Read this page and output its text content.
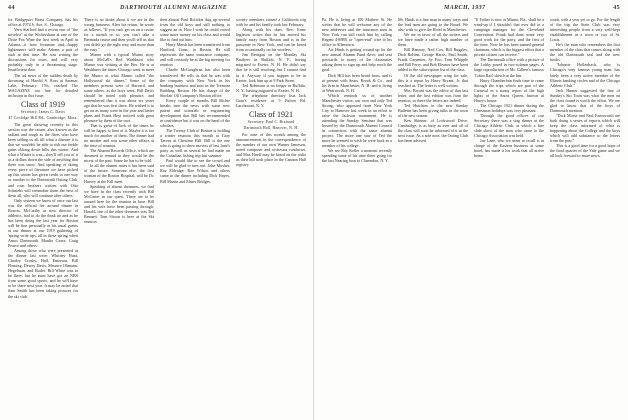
44	DARTMOUTH ALUMNI MAGAZINE

for Bridgeport Brass Company, has his office at 1974 S. Ave. S., Chicago.

Vern Stafford had a recent one of "the novelist" at the Wickersham at one of the Dixie Fox Wine the first week in April in Atlanta—it bore fortunate and—happy lightenners will make Adams a part of staff at that time. He was writing the discussions for tours, and will very probably only in a threatening stage. Insufficient data.

The ad news of the sudden death by drowning of Harold S. Ross at Saranac Lake, February 17th, reached The MAGAZINE too late for detailed inclusion in this issue.

Class of 1919
Secretary, James C. Davis
47 Coolidge Hill Rd., Cambridge, Mass.

The great showing recently in this section was the return, also known as the radiant and tough as the fliers who have been selling us all till what a disease it is that we wouldn't be able to risk our feeble gains oblong down hills this winter. And what a Winter it was—they'll tell you of it as a dollars down the side of anything that there was snow. And speaking of skiing every piece of literature we have picked up this winter has given credit to one way or another to the Dartmouth Outing Club, and own brothers written with Otto Schniebs will remember them the best of them all, who will continue after others.

Only sixteen we know of once our last was the official list around dinner in Boston. McCarthy as new director of athletics, had to do the think tie and as he has been doing the last year for Boston will be fine personally as his usual guests at our dinner at our 1919 gathering of 'spring write ups, all in these spring when Amos Dartmouth, Manlio Grace, Craig Pearce and others.

Among those who were presented at the dinner last were: Whitney Hunt, Charley Crosby, Hall, Emerson, Bill Fleming, Dewey Davis, Maurice Ohmann, Hegelman, and Butler. Bill White was to be there, but he must have got an NBS from some good sports, and he will have to be there next year. It may be noted that Sam Smith has been taking pictures for the ski club.

There is no doubt about it we are in the wrong business. After his return, he wrote as follows, "If you can't get on on a cruise for a month or so, you can't take a Bermuda cruise and then you'll tell us that you didn't go the right way, and more than the easy."

Munro with a typical Munro story about McCall's Red Washburn who Munro was visiting at the Pier. He is at Washburn the times Chicago went to meet the Munro at what Munro called "the Hollywood ski dinner." Some of the members present were of Harvard, and some others, as the boys went. Bill Davis should be noted with pleasure, and remembered that it was about six years ago that he was first there. He wished it to get on as many were in the year and better plans and Frank Hoyt noticed with great pleasure by them of the race.

That is great of Jack of the times he will be happy to hear of it. Maybe it is too much for another of them. The dinner had no smoker and was some other affairs at the time of reunion.

The Alumni Records Office, which are dreamed to remind to they would be the nicest of the past. Some he has to be told.

In all the alumni notes it has been said of the future. Someone else, the first woman of the Boston Hospital, will be Dr. Harvey at the Fall meet.

Speaking of absent dreamers, we find we have in the class recently with Bill McCarter in our quest. There are to be around here for the reunion in June. Bill and his wife have been passing through, Harold, one of the other dreamers was Ted Bennett. Tom Sisson is here at the Ski reunion.

then almost Paul Rolicker dug up several from the old boys and still nothing to suggest an in. How I wish he could crowd some more money on his class and would like to find out him.

Harry Marsh has been transferred from Hartford, Conn., to Boston. He still represents the same insurance company, and will certainly be at the big meeting for reunion.

Charlie McGoughran has also been transferred. He tells us that he was with the company with New York in his banking business and now in the Tremont Building, Boston. He has charge of the Sinclair Oil Company's Boston office.

Every couple of months Bill Richie breaks into the news with some new patent and scientific or engineering development that Bill has recommended in confidence but it was on the hand of the scholars.

The Twenty Club of Boston is holding a winter reunion this month at Gray Tavern at Chestnut Hill. Bill is the one who is going to show movies of last June's party as well as several he had made on the Canadian fishing trip last summer.

Paul would like to see the crowd and we will be glad to turn out. John Mosher, Ray Eldridge, Roe Wilson and others came to the dinner including Dick Hayes, Bill Martin and Elmer Bridges.

society members ruined a California trip with he and his family took last February.

Along with his dues, Rev. Ernie Ingleson writes that he has moved his family away from Boston and is in the pastorate in New York, and can be heard from occasionally on his wireless.

Jim Rettigan on the Monday Ski Brothers in Buffalo, N. Y., having migrated to Exeter, N. H. He didn't say that he is still teaching, but I cannot find in it. Anyway if you happen to be in Exeter, look him up at 9 Park Street.

Ted Robinson is no longer in Buffalo, N. Y., having migrated to Exeter, N. H.

The telephone directory lists Jack Grau's residence at 5 Fulton Rd. Larchmont, N. Y.

Class of 1921
Secretary, Paul C. Brainard
Dartmouth Hall, Hanover, N. H.

For ease of this month among the announcements in the correspondence of the number of our own Warner Jameson, noted composer and orchestra conductor, and Max Hueff may be heard on the radio as their bill took place in the Cannon Hall registry.

MARCH, 1937	45

Pa. He is living at 100 Mathew St. He writes that he will welcome any of the new addresses and the insurance men in New York can still reach him by calling Regent 4-8888, or "open-end" wire to his office in Allentown.

Art Hinds is getting wound up for the new annual Alumni Fund drive, and sent postcards to many of the classmates asking them to sign up and help reach the goal.

Dick Hill has been heard from, and is at present with Sears, Brook & Co., and his firm in Manchester, N. H. and is living at Wentworth, N. H.

Which reminds us of another Manchester visitor, our own and only Ted Strong, who appeared from New York City to Hanover last week in an effort to raise the Jackson monument. He is attending the Sunday Seminar that was hosted by the Dartmouth Alumni Council in connection with the same alumni project. The more one saw of Ted the more he seemed to wish he were back as a member of his college.

We see Ray Keller a moment recently spending some of his time there going for the last Nearing boat to Clarendon, N. Y.

Mr. Hinds is a fine man in many ways and the lead men are going to the Board. We also wish to give the Hotel in Manchester.

We are in favor of all the writers and we have made a rather high number of them.

Bill Ramsay, Ned Cox, Bill Ruggles, Dick Rollins, George Harris, Paul Smith, Frank Carpenter, Sy Fort, Tom Whipple and Bill Perry, and Bob Eleanor have been added to the subscription list of the class.

Of the old newspaper wing for sale, this is a report by Harry Bryant, Jr. that reached us. The letter is well written.

Mrs. Bryant was the editor of that last letter, and the first edition was from the reunion, so there the letters are indeed.

Ted Hutchins in the new Sunday Bulletin has been giving talks in the town of the new season.

Ken Skinner, of Lockwood Drive, Cambridge, is as busy as ever and all of the class will soon be informed of it in the next issue. As a side note, the Outing Club has been advised.

"If Father is now at Miami, Fla., shall be a wind-up if I shouldn't that ever did in a campaign manager for the Cleveland Convention. Frank had done some very good work for the party, and the first of the time. Now he has been named general chairman, which is the biggest effort that a private citizen can receive."

The Dartmouth office with a picture of the Lobby posed in two-column pages. A large reproduction of Mr. Gilbert's famous 'Cobra Rail' sketch at the Inn.

Harry Chamberlain finds time to come through the trips which are part of the Carnival in a sunny report of the high lights of the Snow Queen, known at Harry's house.

The Chicago 1921 dinner during the Christmas holidays was very pleasant.

Through the good offices of our Secretary there was a stag dinner at the Chicago Athletic Club, at which a fine slide show of the men who came to the Chicago Association was held.

Joe Lane, who we seem to recall is in charge of the Eastern business at some hotel, has made it his work that all arrive home.

south, with a year yet to go. For the length of the trip the Stein Club was very interesting people from a very well-kept establishment in a town or two of St. Louis.

He's the man who remembers the first member of the class that comes along with the old Dartmouth seal and the new books.

"Johnnie Hollenbach, who is Chicago's very famous young man, has lately been a very active member of the Illinois banking circles and of the Chicago Athletic Club."

Jack Hunter suggested the line of Sunday's Ski Train was what the men on the class found is worth the effort. We are glad to know that of the boys of Dartmouth mention.

"Dick Morse and Paul Farnsworth are both doing a series of reports which will keep the class informed of what is happening about the College and the boys which will add substance to the letters from the past."

This is a good time for a good hope of the third quarter of the Yale game and we all look forward to more news.
